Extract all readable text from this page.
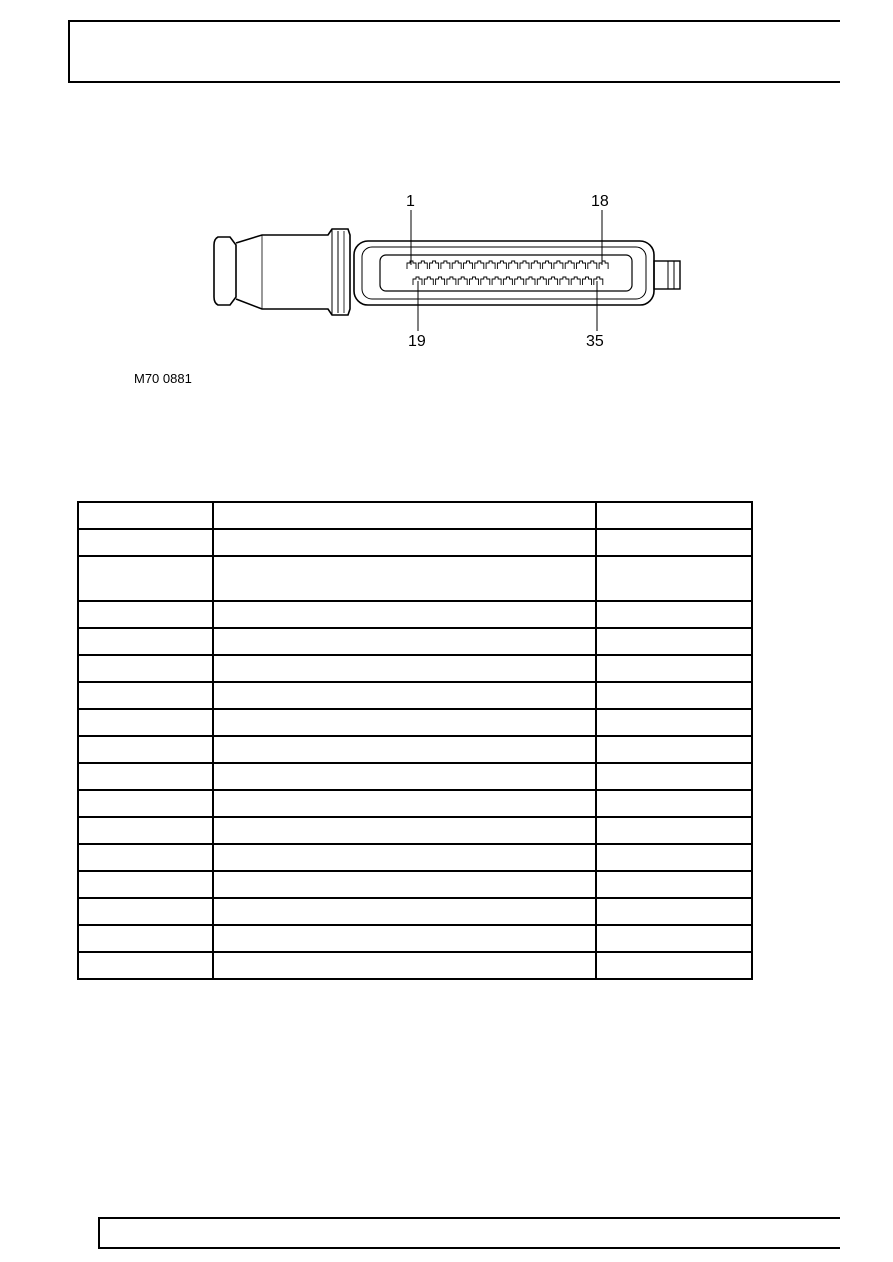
1	18
19	35
M70 0881
